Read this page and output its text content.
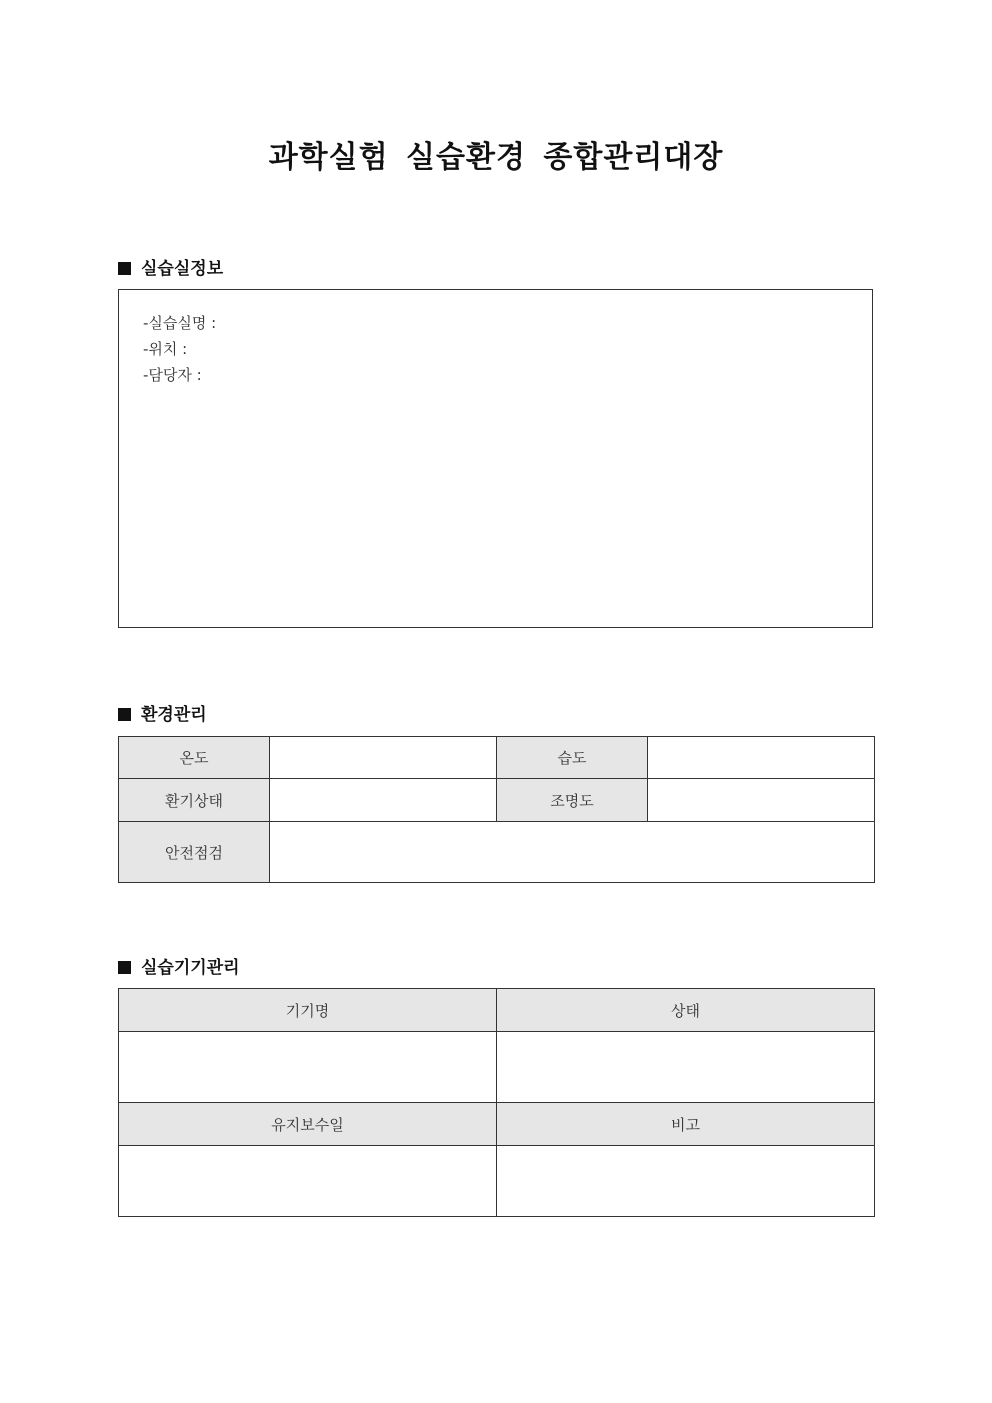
과학실험 실습환경 종합관리대장
실습실정보
-실습실명 :
-위치 :
-담당자 :
환경관리
온도		습도	
환기상태		조명도	
안전점검			
실습기기관리
기기명	상태

유지보수일	비고
